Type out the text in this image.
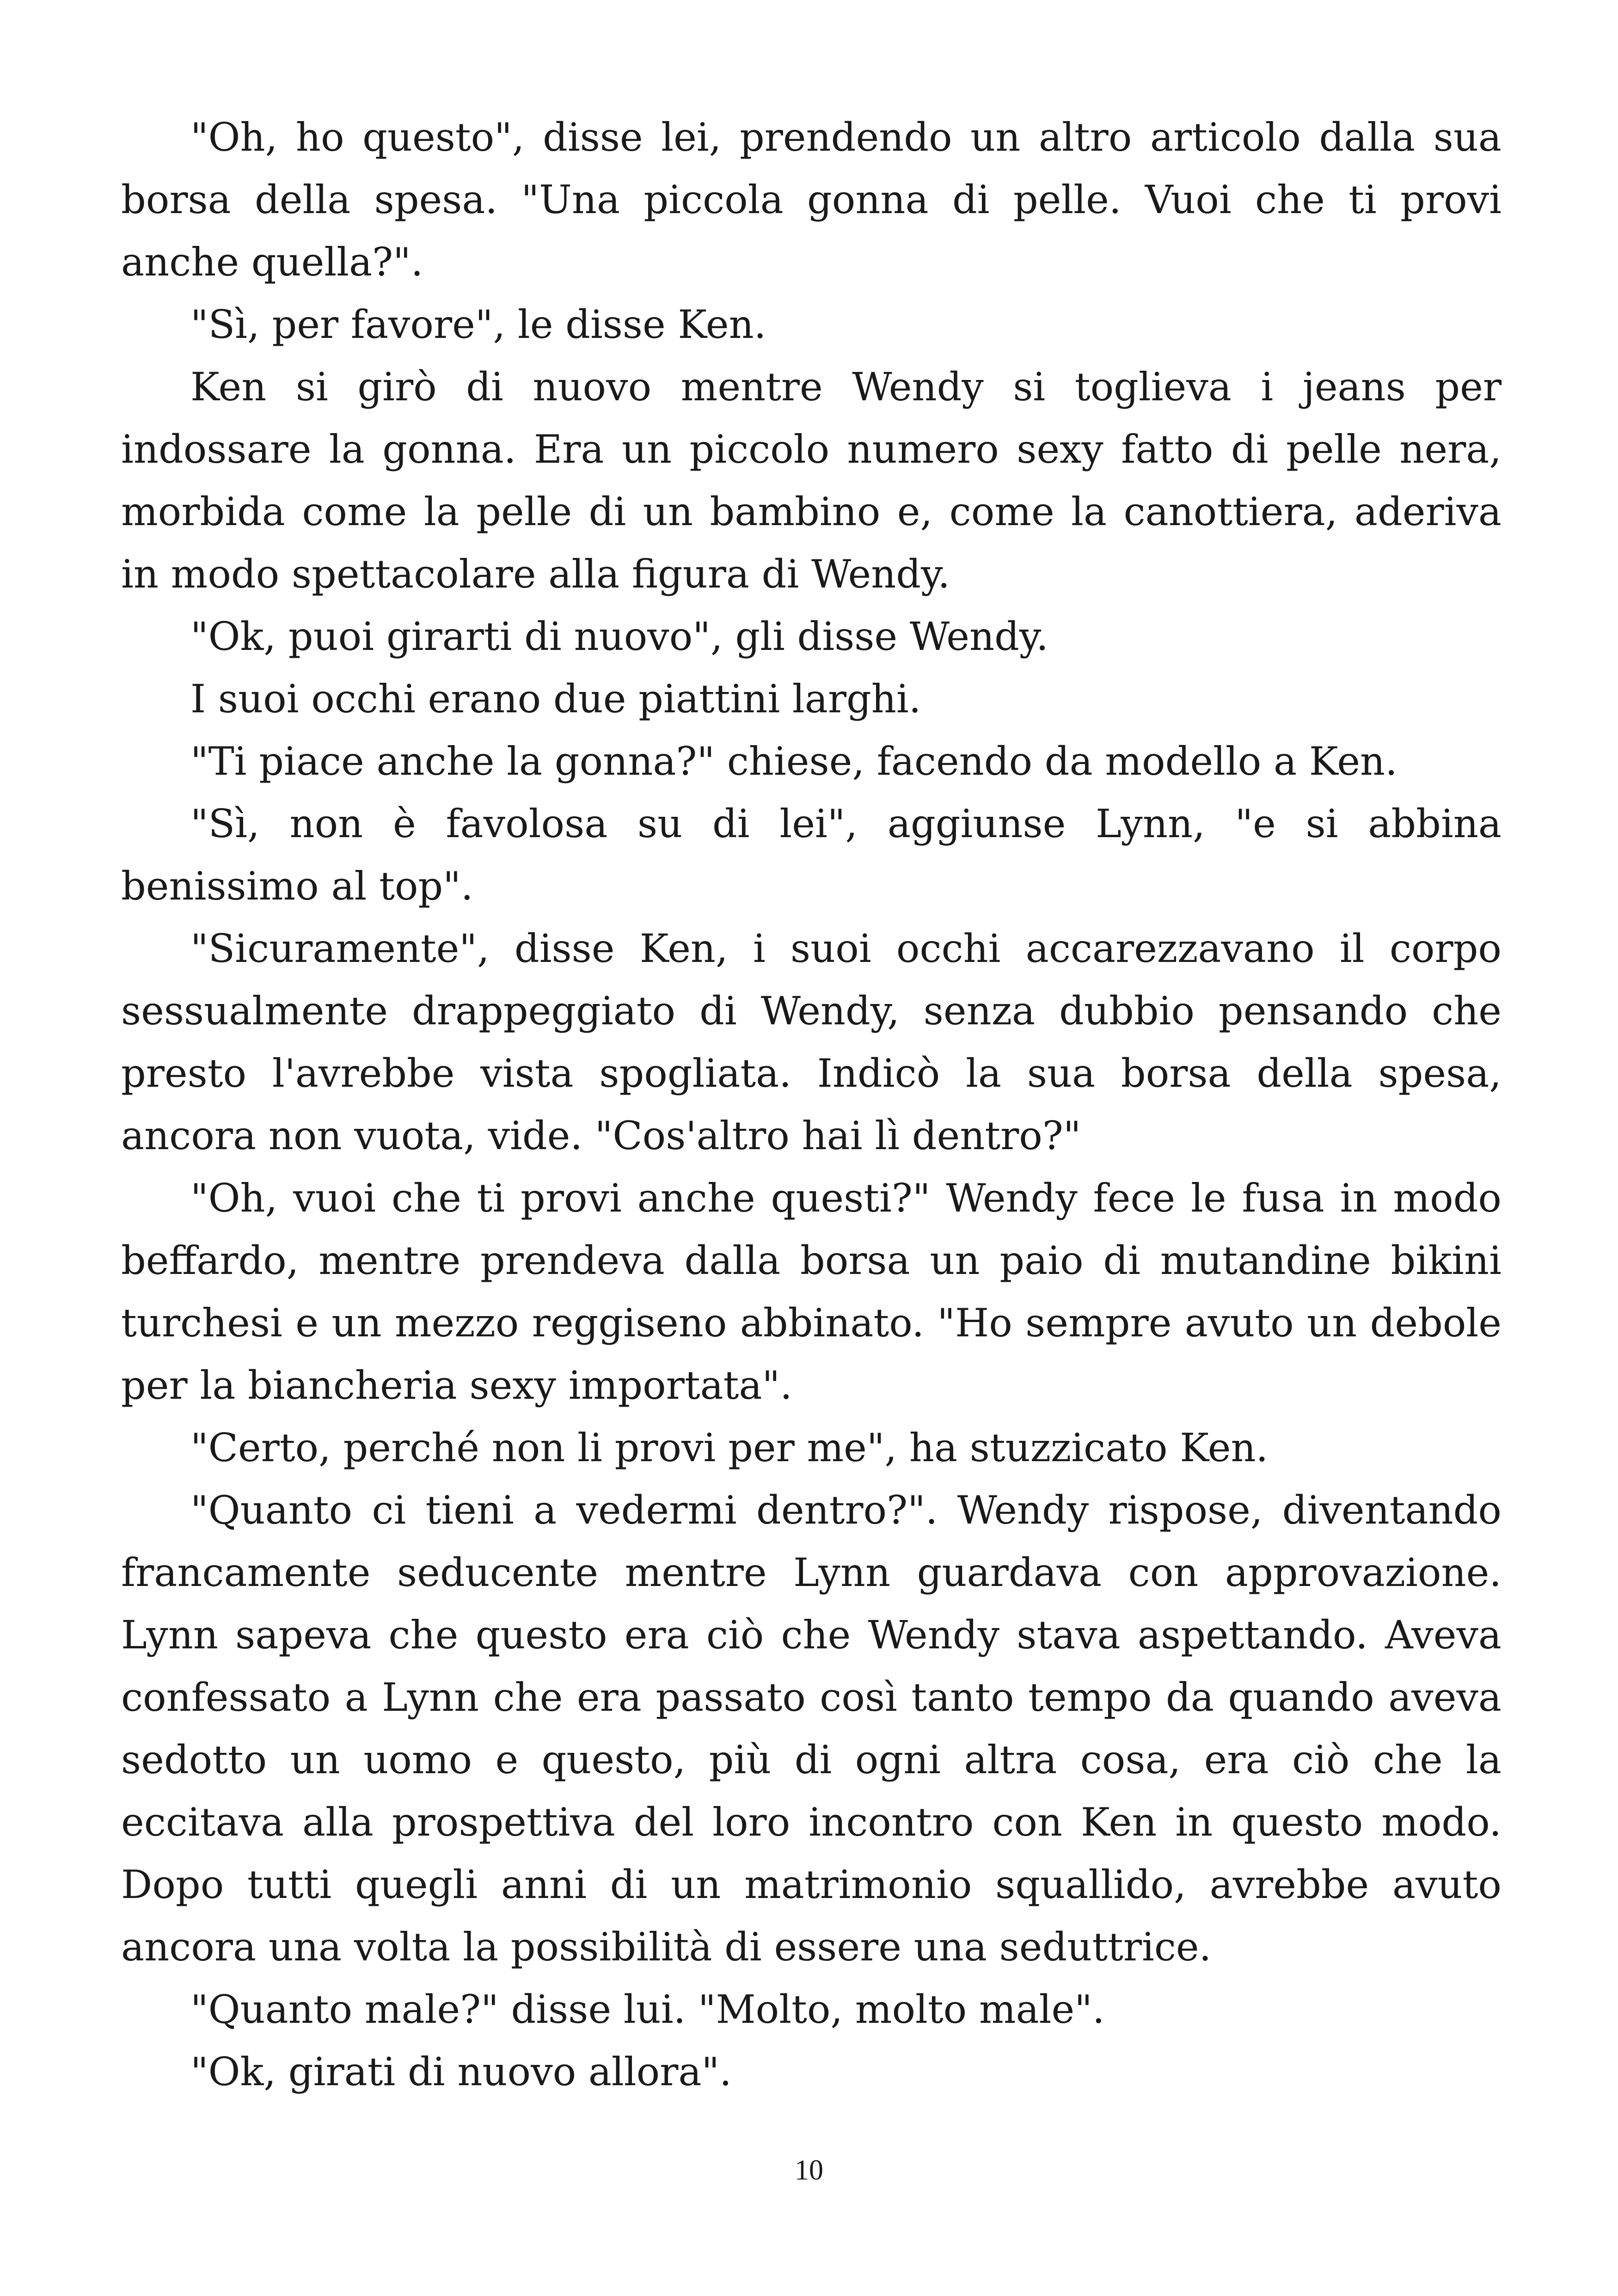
"Oh, ho questo", disse lei, prendendo un altro articolo dalla sua borsa della spesa. "Una piccola gonna di pelle. Vuoi che ti provi anche quella?".

"Sì, per favore", le disse Ken.

Ken si girò di nuovo mentre Wendy si toglieva i jeans per indossare la gonna. Era un piccolo numero sexy fatto di pelle nera, morbida come la pelle di un bambino e, come la canottiera, aderiva in modo spettacolare alla figura di Wendy.

"Ok, puoi girarti di nuovo", gli disse Wendy.

I suoi occhi erano due piattini larghi.

"Ti piace anche la gonna?" chiese, facendo da modello a Ken.

"Sì, non è favolosa su di lei", aggiunse Lynn, "e si abbina benissimo al top".

"Sicuramente", disse Ken, i suoi occhi accarezzavano il corpo sessualmente drappeggiato di Wendy, senza dubbio pensando che presto l'avrebbe vista spogliata. Indicò la sua borsa della spesa, ancora non vuota, vide. "Cos'altro hai lì dentro?"

"Oh, vuoi che ti provi anche questi?" Wendy fece le fusa in modo beffardo, mentre prendeva dalla borsa un paio di mutandine bikini turchesi e un mezzo reggiseno abbinato. "Ho sempre avuto un debole per la biancheria sexy importata".

"Certo, perché non li provi per me", ha stuzzicato Ken.

"Quanto ci tieni a vedermi dentro?". Wendy rispose, diventando francamente seducente mentre Lynn guardava con approvazione. Lynn sapeva che questo era ciò che Wendy stava aspettando. Aveva confessato a Lynn che era passato così tanto tempo da quando aveva sedotto un uomo e questo, più di ogni altra cosa, era ciò che la eccitava alla prospettiva del loro incontro con Ken in questo modo. Dopo tutti quegli anni di un matrimonio squallido, avrebbe avuto ancora una volta la possibilità di essere una seduttrice.

"Quanto male?" disse lui. "Molto, molto male".

"Ok, girati di nuovo allora".

10
